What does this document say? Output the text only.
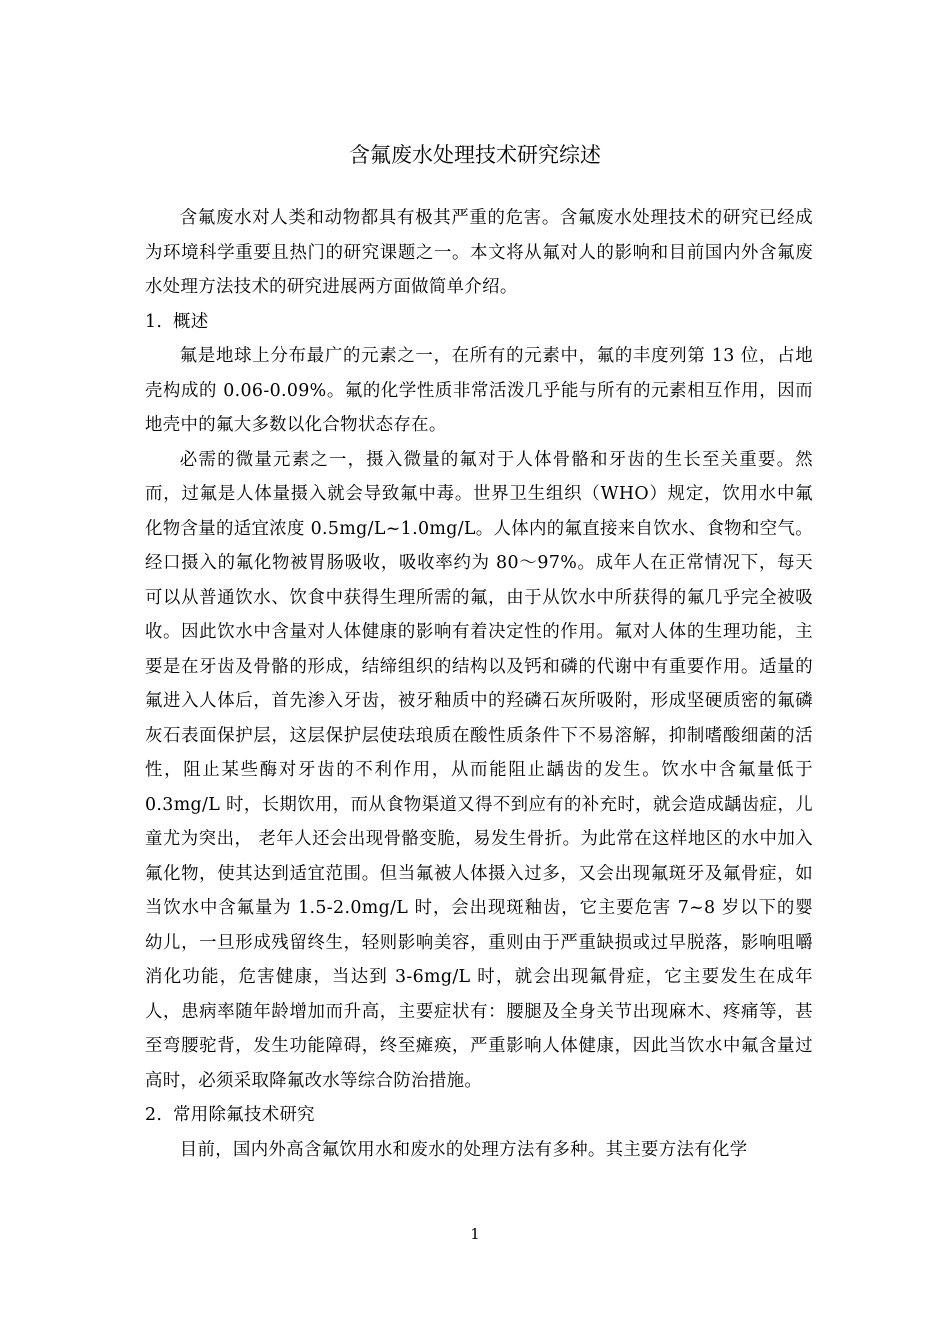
含氟废水处理技术研究综述

含氟废水对人类和动物都具有极其严重的危害。含氟废水处理技术的研究已经成为环境科学重要且热门的研究课题之一。本文将从氟对人的影响和目前国内外含氟废水处理方法技术的研究进展两方面做简单介绍。

1. 概述

氟是地球上分布最广的元素之一，在所有的元素中，氟的丰度列第 13 位，占地壳构成的 0.06-0.09%。氟的化学性质非常活泼几乎能与所有的元素相互作用，因而地壳中的氟大多数以化合物状态存在。

必需的微量元素之一，摄入微量的氟对于人体骨骼和牙齿的生长至关重要。然而，过氟是人体量摄入就会导致氟中毒。世界卫生组织（WHO）规定，饮用水中氟化物含量的适宜浓度 0.5mg/L~1.0mg/L。人体内的氟直接来自饮水、食物和空气。经口摄入的氟化物被胃肠吸收，吸收率约为 80～97%。成年人在正常情况下，每天可以从普通饮水、饮食中获得生理所需的氟，由于从饮水中所获得的氟几乎完全被吸收。因此饮水中含量对人体健康的影响有着决定性的作用。氟对人体的生理功能，主要是在牙齿及骨骼的形成，结缔组织的结构以及钙和磷的代谢中有重要作用。适量的氟进入人体后，首先渗入牙齿，被牙釉质中的羟磷石灰所吸附，形成坚硬质密的氟磷灰石表面保护层，这层保护层使珐琅质在酸性质条件下不易溶解，抑制嗜酸细菌的活性，阻止某些酶对牙齿的不利作用，从而能阻止龋齿的发生。饮水中含氟量低于 0.3mg/L 时，长期饮用，而从食物渠道又得不到应有的补充时，就会造成龋齿症，儿童尤为突出， 老年人还会出现骨骼变脆，易发生骨折。为此常在这样地区的水中加入氟化物，使其达到适宜范围。但当氟被人体摄入过多，又会出现氟斑牙及氟骨症，如当饮水中含氟量为 1.5-2.0mg/L 时，会出现斑釉齿，它主要危害 7~8 岁以下的婴幼儿，一旦形成残留终生，轻则影响美容，重则由于严重缺损或过早脱落，影响咀嚼消化功能，危害健康，当达到 3-6mg/L 时，就会出现氟骨症，它主要发生在成年人，患病率随年龄增加而升高，主要症状有：腰腿及全身关节出现麻木、疼痛等，甚至弯腰驼背，发生功能障碍，终至瘫痪，严重影响人体健康，因此当饮水中氟含量过高时，必须采取降氟改水等综合防治措施。

2. 常用除氟技术研究

目前，国内外高含氟饮用水和废水的处理方法有多种。其主要方法有化学

1
